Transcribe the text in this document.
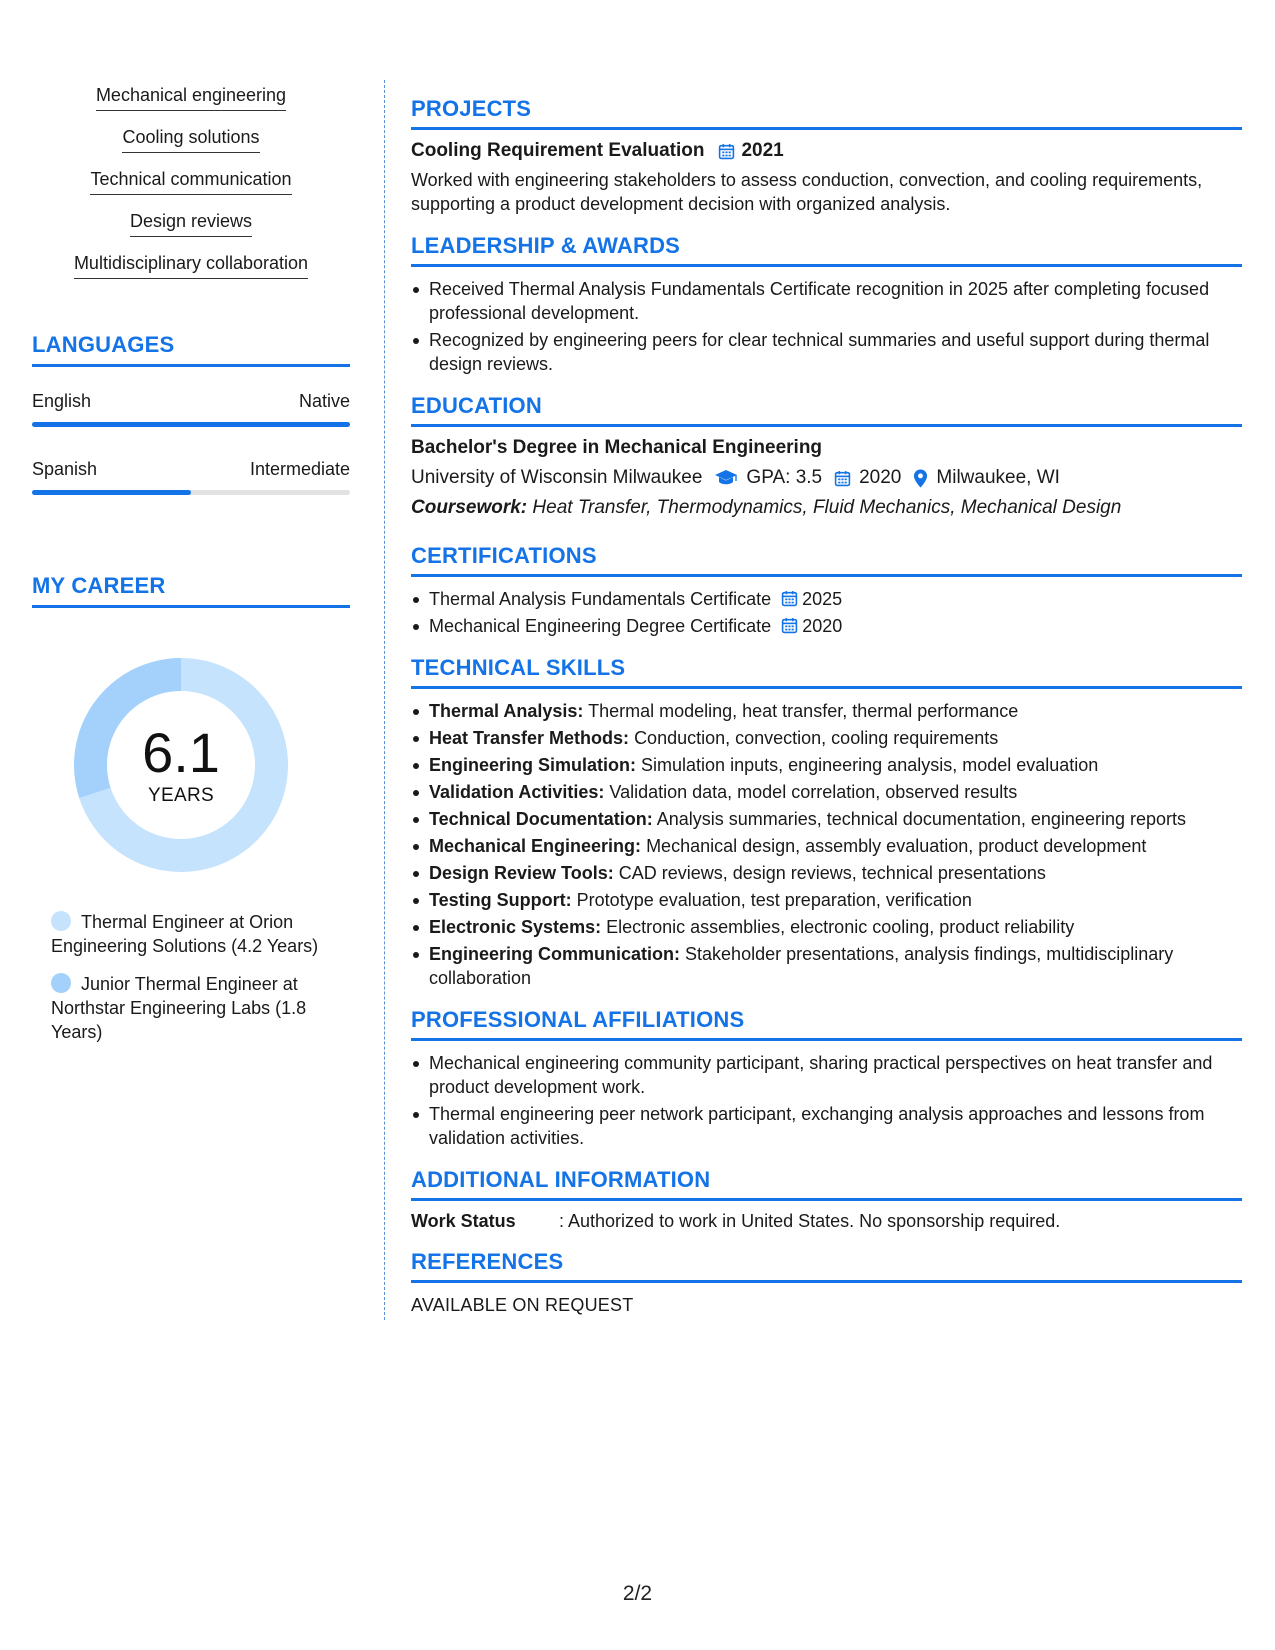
Mechanical engineering
Cooling solutions
Technical communication
Design reviews
Multidisciplinary collaboration
LANGUAGES
English	Native
Spanish	Intermediate
MY CAREER
6.1
YEARS
Thermal Engineer at Orion Engineering Solutions (4.2 Years)
Junior Thermal Engineer at Northstar Engineering Labs (1.8 Years)
PROJECTS
Cooling Requirement Evaluation 2021
Worked with engineering stakeholders to assess conduction, convection, and cooling requirements, supporting a product development decision with organized analysis.
LEADERSHIP & AWARDS
Received Thermal Analysis Fundamentals Certificate recognition in 2025 after completing focused professional development.
Recognized by engineering peers for clear technical summaries and useful support during thermal design reviews.
EDUCATION
Bachelor's Degree in Mechanical Engineering
University of Wisconsin Milwaukee GPA: 3.5 2020 Milwaukee, WI
Coursework: Heat Transfer, Thermodynamics, Fluid Mechanics, Mechanical Design
CERTIFICATIONS
Thermal Analysis Fundamentals Certificate 2025
Mechanical Engineering Degree Certificate 2020
TECHNICAL SKILLS
Thermal Analysis: Thermal modeling, heat transfer, thermal performance
Heat Transfer Methods: Conduction, convection, cooling requirements
Engineering Simulation: Simulation inputs, engineering analysis, model evaluation
Validation Activities: Validation data, model correlation, observed results
Technical Documentation: Analysis summaries, technical documentation, engineering reports
Mechanical Engineering: Mechanical design, assembly evaluation, product development
Design Review Tools: CAD reviews, design reviews, technical presentations
Testing Support: Prototype evaluation, test preparation, verification
Electronic Systems: Electronic assemblies, electronic cooling, product reliability
Engineering Communication: Stakeholder presentations, analysis findings, multidisciplinary collaboration
PROFESSIONAL AFFILIATIONS
Mechanical engineering community participant, sharing practical perspectives on heat transfer and product development work.
Thermal engineering peer network participant, exchanging analysis approaches and lessons from validation activities.
ADDITIONAL INFORMATION
Work Status	: Authorized to work in United States. No sponsorship required.
REFERENCES
AVAILABLE ON REQUEST
2/2
